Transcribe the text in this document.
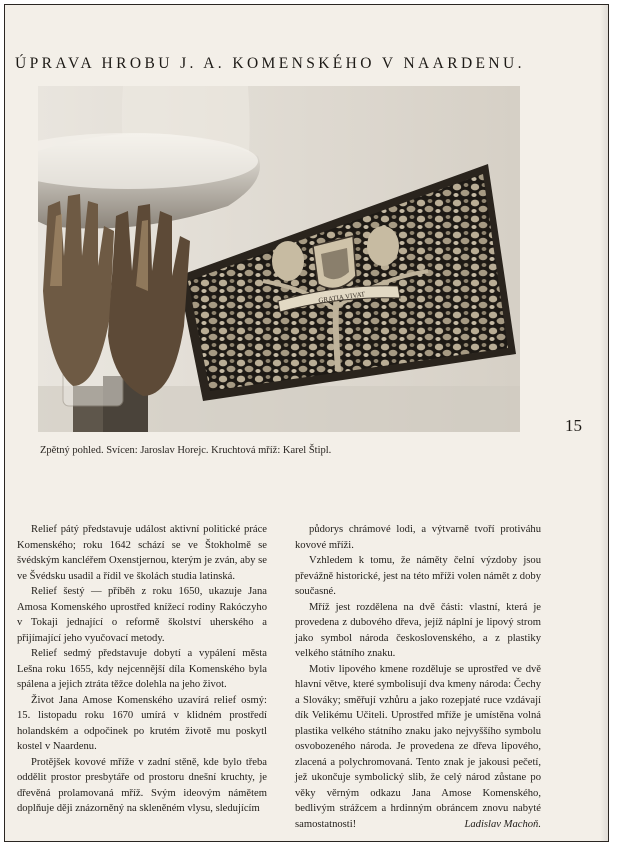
ÚPRAVA HROBU J. A. KOMENSKÉHO V NAARDENU.
GRATIA VIVAT
15
Zpětný pohled. Svícen: Jaroslav Horejc. Kruchtová mříž: Karel Štipl.

Relief pátý představuje událost aktivní politické práce Komenského; roku 1642 schází se ve Štokholmě se švédským kancléřem Oxenstjernou, kterým je zván, aby se ve Švédsku usadil a řídil ve školách studia latinská.

Relief šestý — příběh z roku 1650, ukazuje Jana Amosa Komenského uprostřed knížecí rodiny Rakóczyho v Tokaji jednající o reformě školství uherského a přijímající jeho vyučovací metody.

Relief sedmý představuje dobytí a vypálení města Lešna roku 1655, kdy nejcennější díla Komenského byla spálena a jejich ztráta těžce dolehla na jeho život.

Život Jana Amose Komenského uzavírá relief osmý: 15. listopadu roku 1670 umírá v klidném prostředí holandském a odpočinek po krutém životě mu poskytl kostel v Naardenu.

Protějšek kovové mříže v zadní stěně, kde bylo třeba oddělit prostor presbytáře od prostoru dnešní kruchty, je dřevěná prolamovaná mříž. Svým ideovým námětem doplňuje ději znázorněný na skleněném vlysu, sledujícím

půdorys chrámové lodi, a výtvarně tvoří protiváhu kovové mříži.

Vzhledem k tomu, že náměty čelní výzdoby jsou převážně historické, jest na této mříži volen námět z doby současné.

Mříž jest rozdělena na dvě části: vlastní, která je provedena z dubového dřeva, jejíž náplní je lipový strom jako symbol národa československého, a z plastiky velkého státního znaku.

Motiv lipového kmene rozděluje se uprostřed ve dvě hlavní větve, které symbolisují dva kmeny národa: Čechy a Slováky; směřují vzhůru a jako rozepjaté ruce vzdávají dík Velikému Učiteli. Uprostřed mříže je umístěna volná plastika velkého státního znaku jako nejvyššího symbolu osvobozeného národa. Je provedena ze dřeva lipového, zlacená a polychromovaná. Tento znak je jakousi pečetí, jež ukončuje symbolický slib, že celý národ zůstane po věky věrným odkazu Jana Amose Komenského, bedlivým strážcem a hrdinným obráncem znovu nabyté samostatnosti!	Ladislav Machoň.
